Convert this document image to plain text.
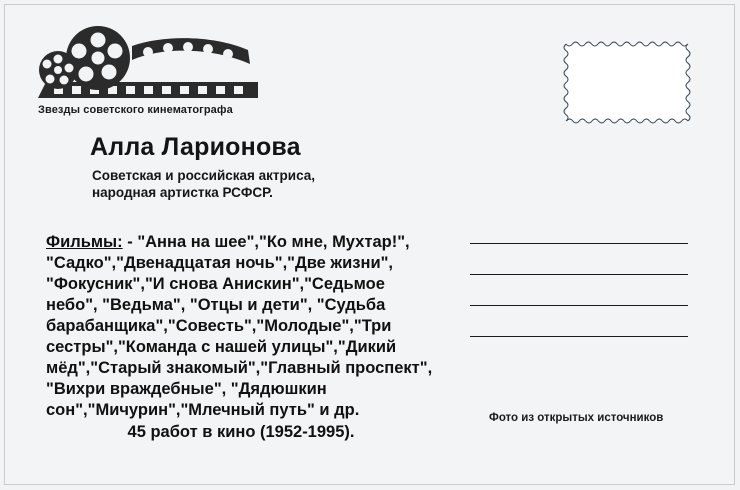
Звезды советского кинематографа
Алла Ларионова
Советская и российская актриса, народная артистка РСФСР.
Фильмы: - "Анна на шее","Ко мне, Мухтар!", "Садко","Двенадцатая ночь","Две жизни", "Фокусник","И снова Анискин","Седьмое небо", "Ведьма", "Отцы и дети", "Судьба барабанщика","Совесть","Молодые","Три сестры","Команда с нашей улицы","Дикий мёд","Старый знакомый","Главный проспект", "Вихри враждебные", "Дядюшкин сон","Мичурин","Млечный путь" и др.
45 работ в кино (1952-1995).
Фото из открытых источников
